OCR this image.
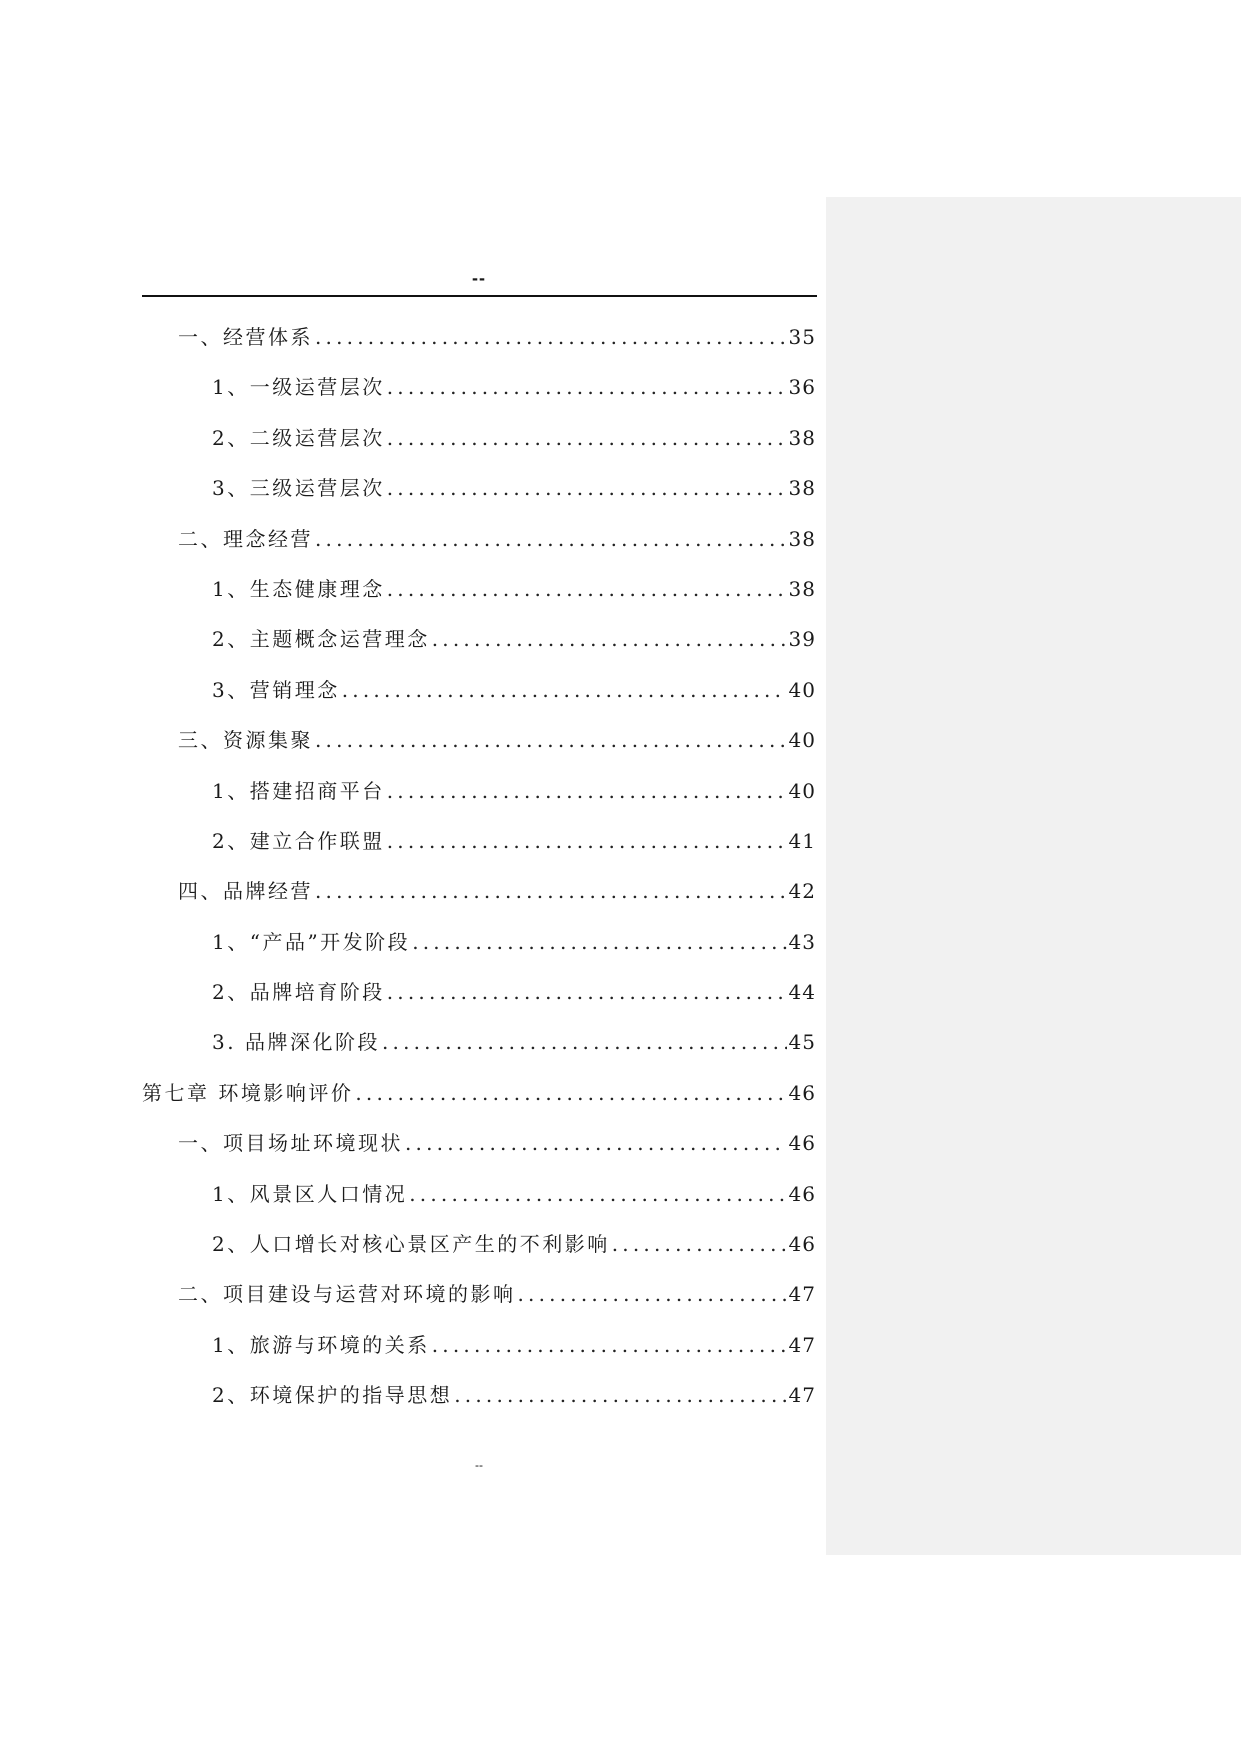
--
一、经营体系 .....	35
1、一级运营层次 .....	36
2、二级运营层次 .....	38
3、三级运营层次 .....	38
二、理念经营 .....	38
1、生态健康理念 .....	38
2、主题概念运营理念 .....	39
3、营销理念 .....	40
三、资源集聚 .....	40
1、搭建招商平台 .....	40
2、建立合作联盟 .....	41
四、品牌经营 .....	42
1、“产品”开发阶段 .....	43
2、品牌培育阶段 .....	44
3. 品牌深化阶段 .....	45
第七章 环境影响评价 .....	46
一、项目场址环境现状 .....	46
1、风景区人口情况 .....	46
2、人口增长对核心景区产生的不利影响 .....	46
二、项目建设与运营对环境的影响 .....	47
1、旅游与环境的关系 .....	47
2、环境保护的指导思想 .....	47
--
